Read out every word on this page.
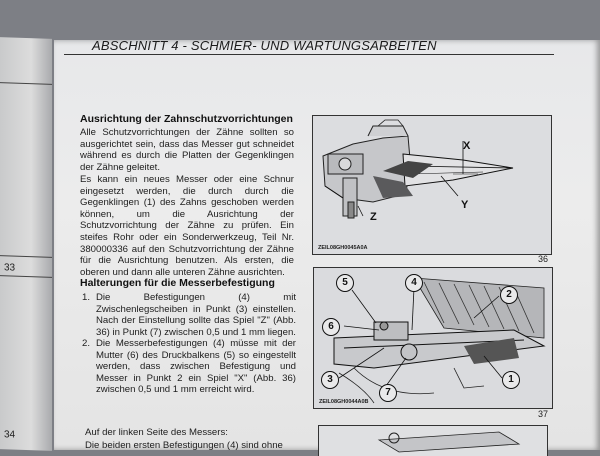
33
34
ABSCHNITT 4 - SCHMIER- UND WARTUNGSARBEITEN
Ausrichtung der Zahnschutzvorrichtungen
Alle Schutzvorrichtungen der Zähne sollten so ausgerichtet sein, dass das Messer gut schneidet während es durch die Platten der Gegenklingen der Zähne geleitet.
Es kann ein neues Messer oder eine Schnur eingesetzt werden, die durch durch die Gegenklingen (1) des Zahns geschoben werden können, um die Ausrichtung der Schutzvorrichtung der Zähne zu prüfen. Ein steifes Rohr oder ein Sonderwerkzeug, Teil Nr. 380000336 auf den Schutzvorrichtung der Zähne für die Ausrichtung benutzen. Als ersten, die oberen und dann alle unteren Zähne ausrichten.
Halterungen für die Messerbefestigung
1. Die Befestigungen (4) mit Zwischenlegscheiben in Punkt (3) einstellen. Nach der Einstellung sollte das Spiel "Z" (Abb. 36) in Punkt (7) zwischen 0,5 und 1 mm liegen.
2. Die Messerbefestigungen (4) müsse mit der Mutter (6) des Druckbalkens (5) so eingestellt werden, dass zwischen Befestigung und Messer in Punkt 2 ein Spiel "X" (Abb. 36) zwischen 0,5 und 1 mm erreicht wird.
Auf der linken Seite des Messers:
Die beiden ersten Befestigungen (4) sind ohne
X
Y
Z
ZEIL08GH0045A0A
36
5	4
2
6
3
7
1
ZEIL08GH0044A0B
37
